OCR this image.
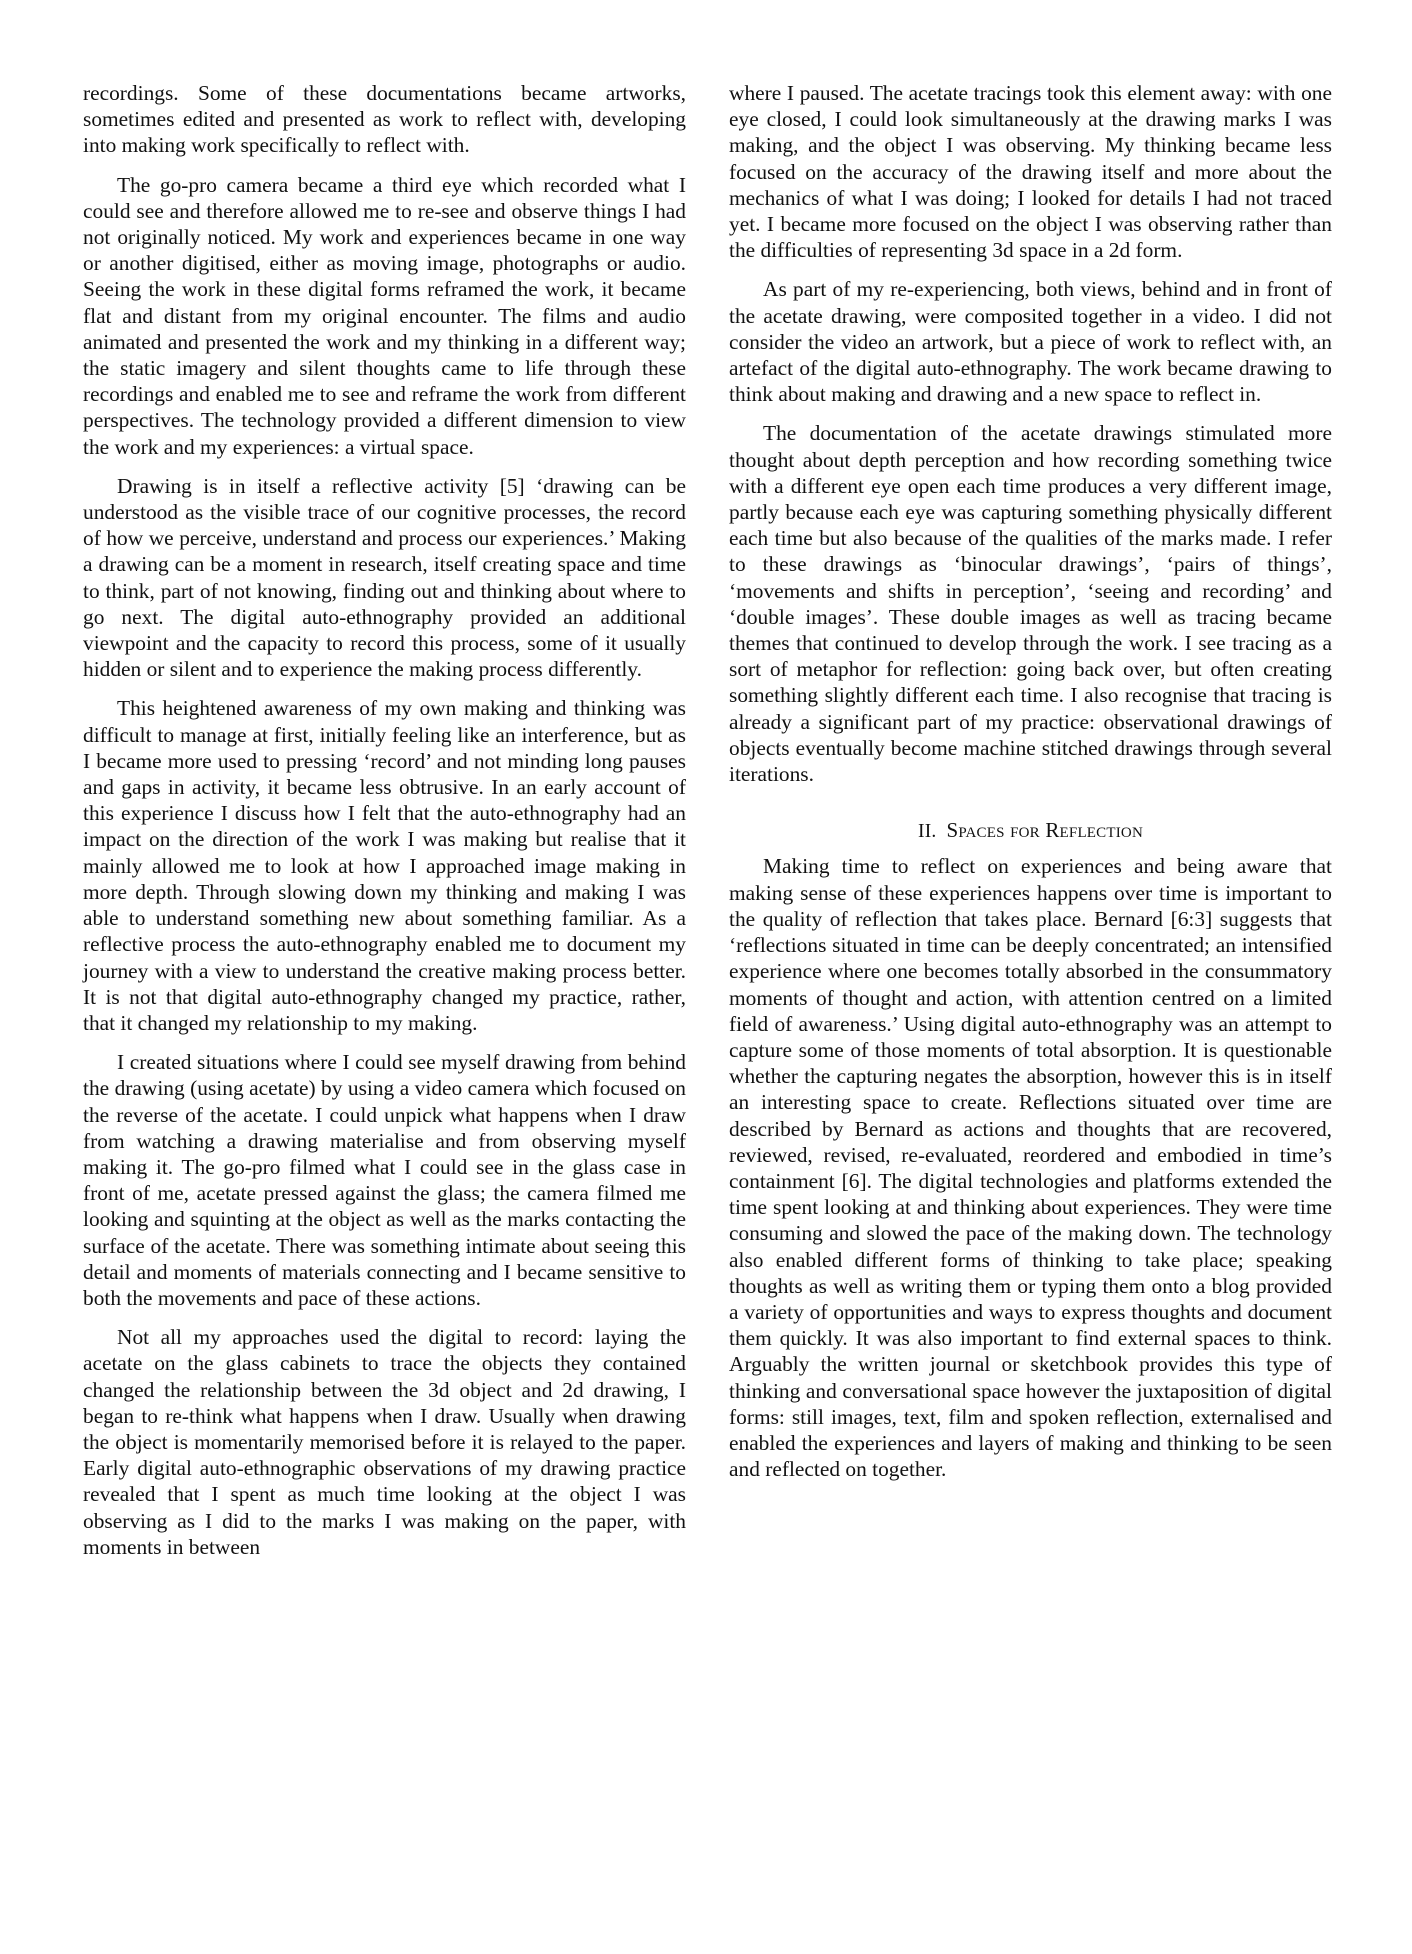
recordings. Some of these documentations became artworks, sometimes edited and presented as work to reflect with, developing into making work specifically to reflect with.

The go-pro camera became a third eye which recorded what I could see and therefore allowed me to re-see and observe things I had not originally noticed. My work and experiences became in one way or another digitised, either as moving image, photographs or audio. Seeing the work in these digital forms reframed the work, it became flat and distant from my original encounter. The films and audio animated and presented the work and my thinking in a different way; the static imagery and silent thoughts came to life through these recordings and enabled me to see and reframe the work from different perspectives. The technology provided a different dimension to view the work and my experiences: a virtual space.

Drawing is in itself a reflective activity [5] ‘drawing can be understood as the visible trace of our cognitive processes, the record of how we perceive, understand and process our experiences.’ Making a drawing can be a moment in research, itself creating space and time to think, part of not knowing, finding out and thinking about where to go next. The digital auto-ethnography provided an additional viewpoint and the capacity to record this process, some of it usually hidden or silent and to experience the making process differently.

This heightened awareness of my own making and thinking was difficult to manage at first, initially feeling like an interference, but as I became more used to pressing ‘record’ and not minding long pauses and gaps in activity, it became less obtrusive. In an early account of this experience I discuss how I felt that the auto-ethnography had an impact on the direction of the work I was making but realise that it mainly allowed me to look at how I approached image making in more depth. Through slowing down my thinking and making I was able to understand something new about something familiar. As a reflective process the auto-ethnography enabled me to document my journey with a view to understand the creative making process better. It is not that digital auto-ethnography changed my practice, rather, that it changed my relationship to my making.

I created situations where I could see myself drawing from behind the drawing (using acetate) by using a video camera which focused on the reverse of the acetate. I could unpick what happens when I draw from watching a drawing materialise and from observing myself making it. The go-pro filmed what I could see in the glass case in front of me, acetate pressed against the glass; the camera filmed me looking and squinting at the object as well as the marks contacting the surface of the acetate. There was something intimate about seeing this detail and moments of materials connecting and I became sensitive to both the movements and pace of these actions.

Not all my approaches used the digital to record: laying the acetate on the glass cabinets to trace the objects they contained changed the relationship between the 3d object and 2d drawing, I began to re-think what happens when I draw. Usually when drawing the object is momentarily memorised before it is relayed to the paper. Early digital auto-ethnographic observations of my drawing practice revealed that I spent as much time looking at the object I was observing as I did to the marks I was making on the paper, with moments in between

where I paused. The acetate tracings took this element away: with one eye closed, I could look simultaneously at the drawing marks I was making, and the object I was observing. My thinking became less focused on the accuracy of the drawing itself and more about the mechanics of what I was doing; I looked for details I had not traced yet. I became more focused on the object I was observing rather than the difficulties of representing 3d space in a 2d form.

As part of my re-experiencing, both views, behind and in front of the acetate drawing, were composited together in a video. I did not consider the video an artwork, but a piece of work to reflect with, an artefact of the digital auto-ethnography. The work became drawing to think about making and drawing and a new space to reflect in.

The documentation of the acetate drawings stimulated more thought about depth perception and how recording something twice with a different eye open each time produces a very different image, partly because each eye was capturing something physically different each time but also because of the qualities of the marks made. I refer to these drawings as ‘binocular drawings’, ‘pairs of things’, ‘movements and shifts in perception’, ‘seeing and recording’ and ‘double images’. These double images as well as tracing became themes that continued to develop through the work. I see tracing as a sort of metaphor for reflection: going back over, but often creating something slightly different each time. I also recognise that tracing is already a significant part of my practice: observational drawings of objects eventually become machine stitched drawings through several iterations.

II. Spaces for Reflection

Making time to reflect on experiences and being aware that making sense of these experiences happens over time is important to the quality of reflection that takes place. Bernard [6:3] suggests that ‘reflections situated in time can be deeply concentrated; an intensified experience where one becomes totally absorbed in the consummatory moments of thought and action, with attention centred on a limited field of awareness.’ Using digital auto-ethnography was an attempt to capture some of those moments of total absorption. It is questionable whether the capturing negates the absorption, however this is in itself an interesting space to create. Reflections situated over time are described by Bernard as actions and thoughts that are recovered, reviewed, revised, re-evaluated, reordered and embodied in time’s containment [6]. The digital technologies and platforms extended the time spent looking at and thinking about experiences. They were time consuming and slowed the pace of the making down. The technology also enabled different forms of thinking to take place; speaking thoughts as well as writing them or typing them onto a blog provided a variety of opportunities and ways to express thoughts and document them quickly. It was also important to find external spaces to think. Arguably the written journal or sketchbook provides this type of thinking and conversational space however the juxtaposition of digital forms: still images, text, film and spoken reflection, externalised and enabled the experiences and layers of making and thinking to be seen and reflected on together.
